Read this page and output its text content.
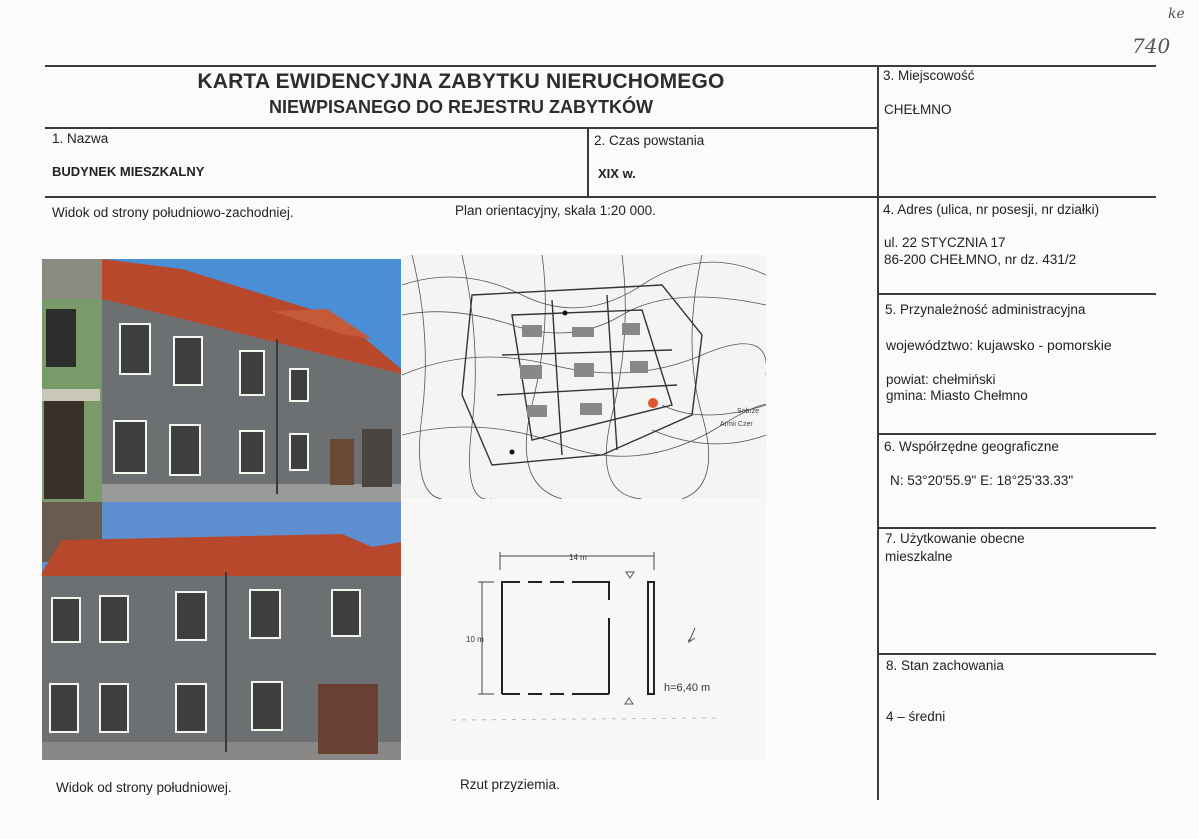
ke
740
KARTA EWIDENCYJNA ZABYTKU NIERUCHOMEGO
NIEWPISANEGO DO REJESTRU ZABYTKÓW
3. Miejscowość
CHEŁMNO
1. Nazwa
BUDYNEK MIESZKALNY
2. Czas powstania
XIX w.
Widok od strony południowo-zachodniej.	Plan orientacyjny, skala 1:20 000.
Widok od strony południowej.	Rzut przyziemia.
4. Adres (ulica, nr posesji, nr działki)
ul. 22 STYCZNIA 17
86-200 CHEŁMNO, nr dz. 431/2
5. Przynależność administracyjna
województwo: kujawsko - pomorskie
powiat: chełmiński
gmina: Miasto Chełmno
6. Współrzędne geograficzne
N: 53°20'55.9" E: 18°25'33.33"
7. Użytkowanie obecne
mieszkalne
8. Stan zachowania
4 – średni
Sobrze
Armii Czer
14 m
10 m
h=6,40 m
